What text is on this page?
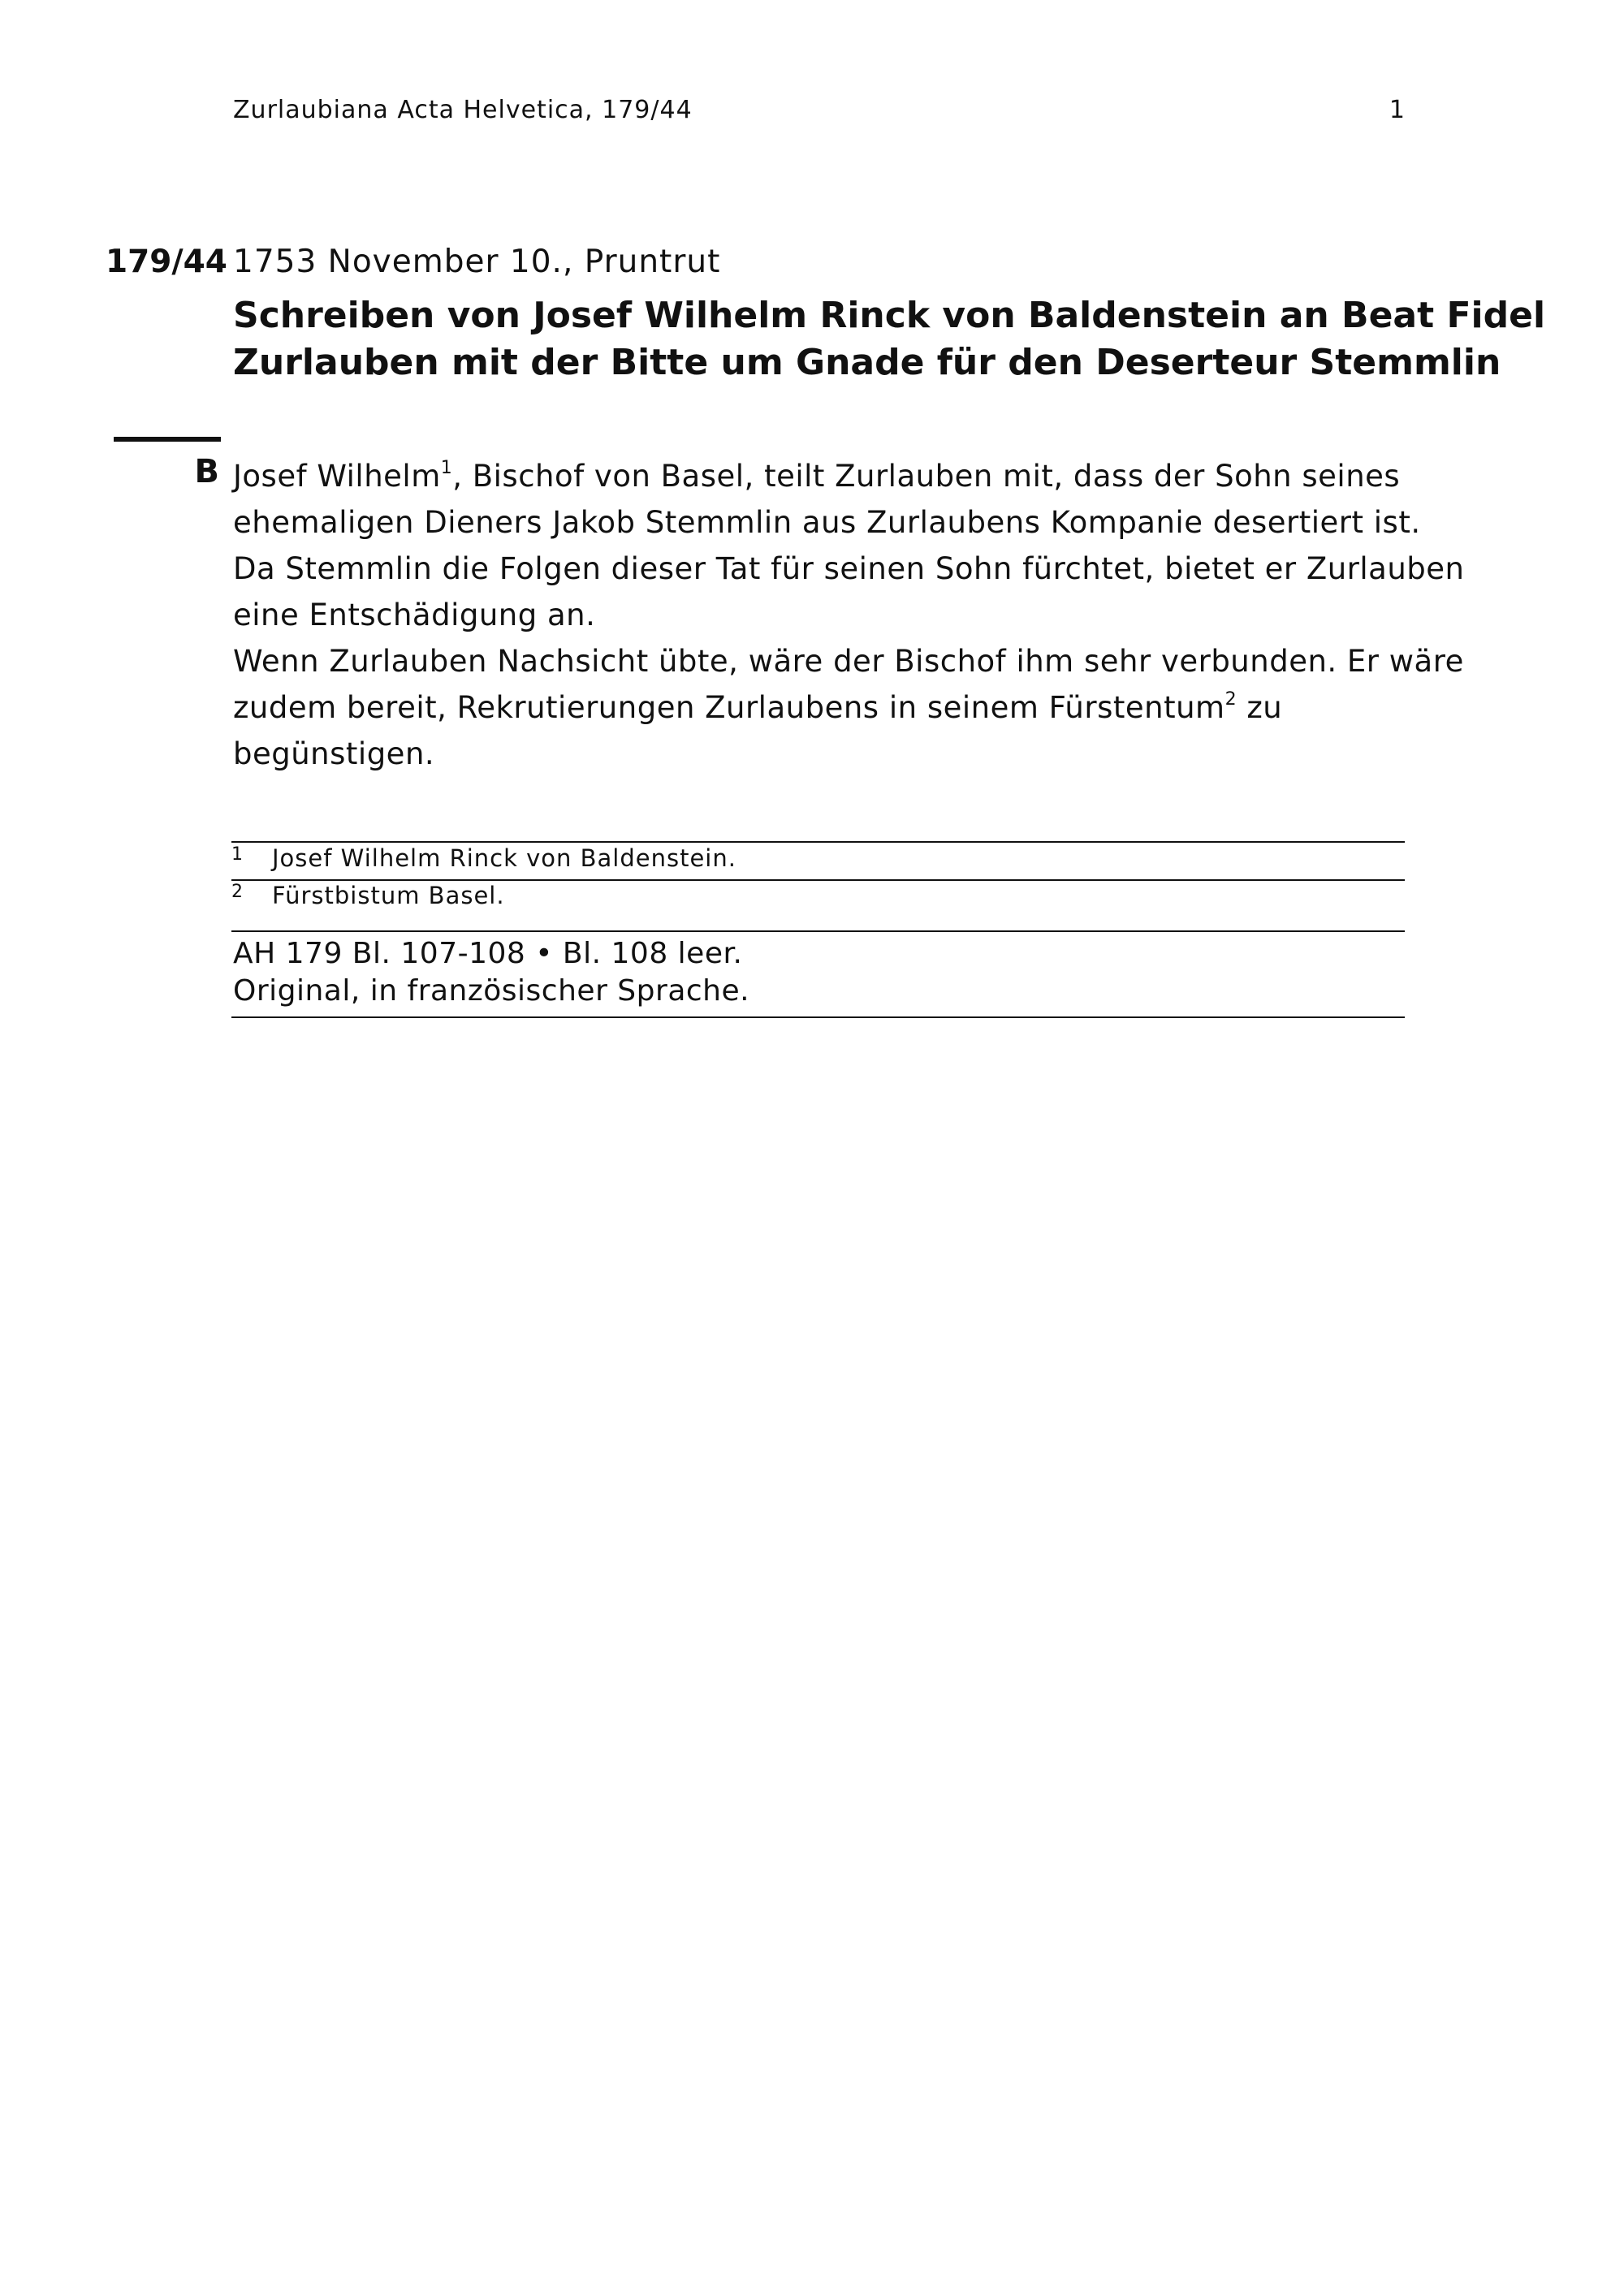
Zurlaubiana Acta Helvetica, 179/44	1
179/44 1753 November 10., Pruntrut
Schreiben von Josef Wilhelm Rinck von Baldenstein an Beat Fidel
Zurlauben mit der Bitte um Gnade für den Deserteur Stemmlin
B Josef Wilhelm$^1$, Bischof von Basel, teilt Zurlauben mit, dass der Sohn seines
ehemaligen Dieners Jakob Stemmlin aus Zurlaubens Kompanie desertiert ist.
Da Stemmlin die Folgen dieser Tat für seinen Sohn fürchtet, bietet er Zurlauben
eine Entschädigung an.
Wenn Zurlauben Nachsicht übte, wäre der Bischof ihm sehr verbunden. Er wäre
zudem bereit, Rekrutierungen Zurlaubens in seinem Fürstentum$^2$ zu
begünstigen.
1	Josef Wilhelm Rinck von Baldenstein.
2	Fürstbistum Basel.
AH 179 Bl. 107-108 • Bl. 108 leer.
Original, in französischer Sprache.
